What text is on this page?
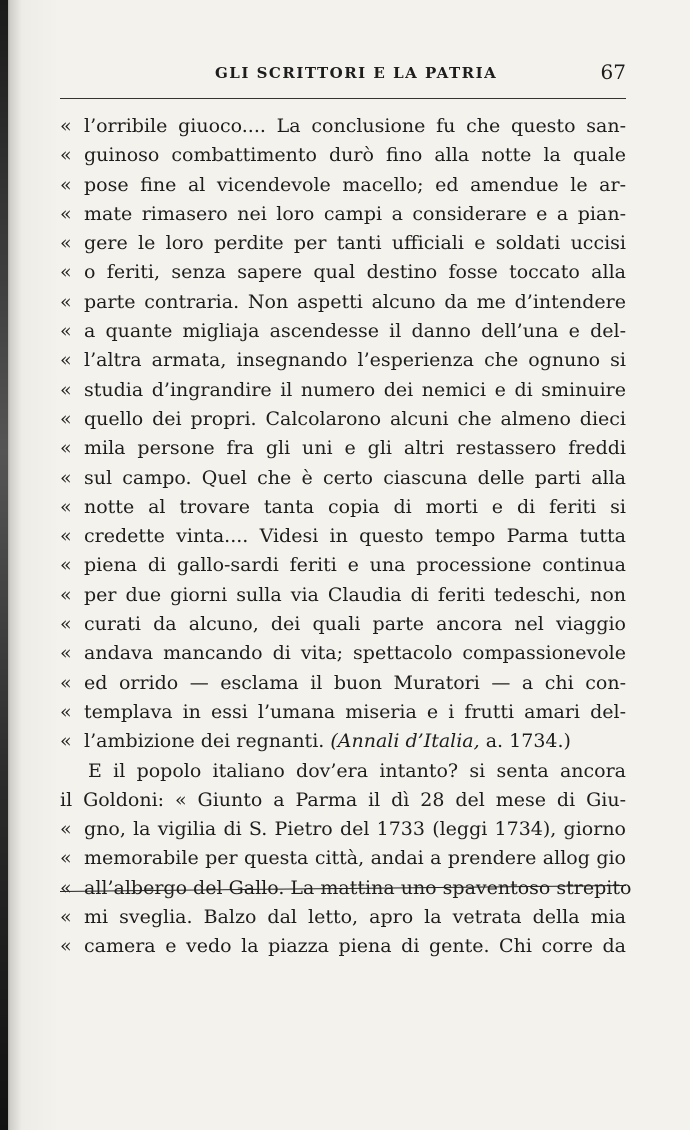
GLI SCRITTORI E LA PATRIA	67
« l’orribile giuoco.... La conclusione fu che questo san-
« guinoso combattimento durò fino alla notte la quale
« pose fine al vicendevole macello; ed amendue le ar-
« mate rimasero nei loro campi a considerare e a pian-
« gere le loro perdite per tanti ufficiali e soldati uccisi
« o feriti, senza sapere qual destino fosse toccato alla
« parte contraria. Non aspetti alcuno da me d’intendere
« a quante migliaja ascendesse il danno dell’una e del-
« l’altra armata, insegnando l’esperienza che ognuno si
« studia d’ingrandire il numero dei nemici e di sminuire
« quello dei propri. Calcolarono alcuni che almeno dieci
« mila persone fra gli uni e gli altri restassero freddi
« sul campo. Quel che è certo ciascuna delle parti alla
« notte al trovare tanta copia di morti e di feriti si
« credette vinta.... Videsi in questo tempo Parma tutta
« piena di gallo-sardi feriti e una processione continua
« per due giorni sulla via Claudia di feriti tedeschi, non
« curati da alcuno, dei quali parte ancora nel viaggio
« andava mancando di vita; spettacolo compassionevole
« ed orrido — esclama il buon Muratori — a chi con-
« templava in essi l’umana miseria e i frutti amari del-
« l’ambizione dei regnanti. (Annali d’Italia, a. 1734.)
E il popolo italiano dov’era intanto? si senta ancora
il Goldoni: « Giunto a Parma il dì 28 del mese di Giu-
« gno, la vigilia di S. Pietro del 1733 (leggi 1734), giorno
« memorabile per questa città, andai a prendere allog gio
« all’albergo del Gallo. La mattina uno spaventoso strepito
« mi sveglia. Balzo dal letto, apro la vetrata della mia
« camera e vedo la piazza piena di gente. Chi corre da
